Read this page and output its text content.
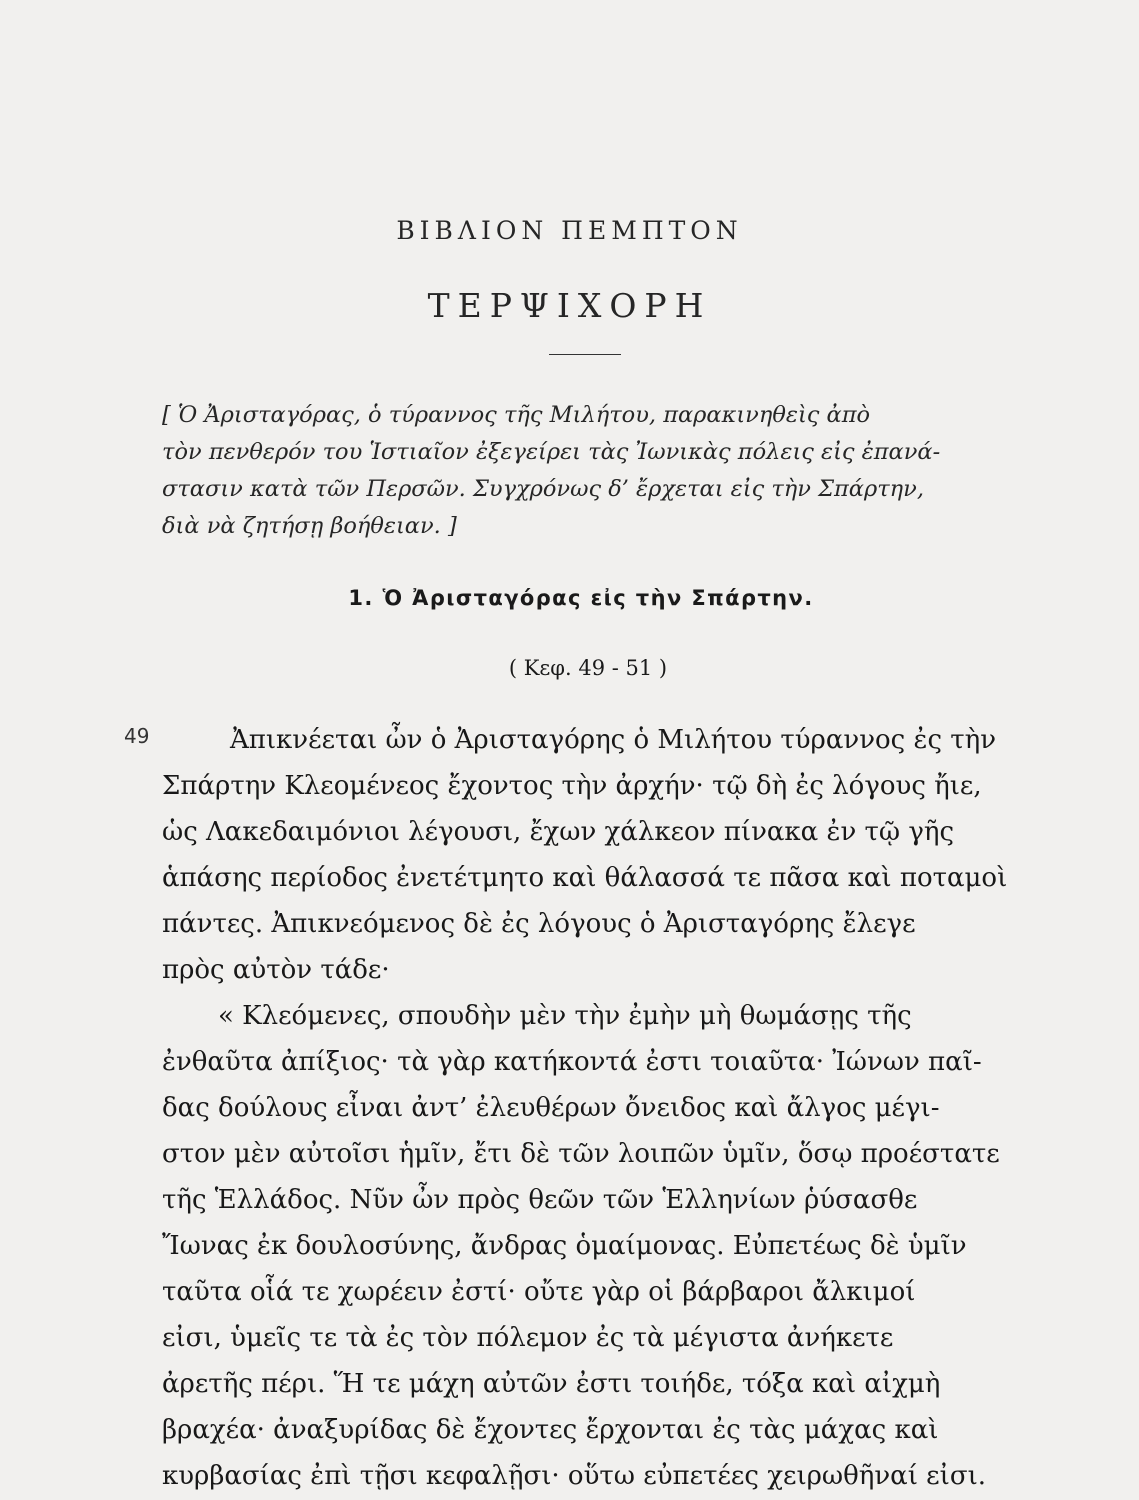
ΒΙΒΛΙΟΝ ΠΕΜΠΤΟΝ
ΤΕΡΨΙΧΟΡΗ
[ Ὁ Ἀρισταγόρας, ὁ τύραννος τῆς Μιλήτου, παρακινηθεὶς ἀπὸ
τὸν πενθερόν του Ἱστιαῖον ἐξεγείρει τὰς Ἰωνικὰς πόλεις εἰς ἐπανά-
στασιν κατὰ τῶν Περσῶν. Συγχρόνως δ’ ἔρχεται εἰς τὴν Σπάρτην,
διὰ νὰ ζητήσῃ βοήθειαν. ]
1. Ὁ Ἀρισταγόρας εἰς τὴν Σπάρτην.
( Κεφ. 49 - 51 )
49	Ἀπικνέεται ὦν ὁ Ἀρισταγόρης ὁ Μιλήτου τύραννος ἐς τὴν
Σπάρτην Κλεομένεος ἔχοντος τὴν ἀρχήν· τῷ δὴ ἐς λόγους ἤιε,
ὡς Λακεδαιμόνιοι λέγουσι, ἔχων χάλκεον πίνακα ἐν τῷ γῆς
ἁπάσης περίοδος ἐνετέτμητο καὶ θάλασσά τε πᾶσα καὶ ποταμοὶ
πάντες. Ἀπικνεόμενος δὲ ἐς λόγους ὁ Ἀρισταγόρης ἔλεγε
πρὸς αὐτὸν τάδε·
« Κλεόμενες, σπουδὴν μὲν τὴν ἐμὴν μὴ θωμάσῃς τῆς
ἐνθαῦτα ἀπίξιος· τὰ γὰρ κατήκοντά ἐστι τοιαῦτα· Ἰώνων παῖ-
δας δούλους εἶναι ἀντ’ ἐλευθέρων ὄνειδος καὶ ἄλγος μέγι-
στον μὲν αὐτοῖσι ἡμῖν, ἔτι δὲ τῶν λοιπῶν ὑμῖν, ὅσῳ προέστατε
τῆς Ἑλλάδος. Νῦν ὦν πρὸς θεῶν τῶν Ἑλληνίων ῥύσασθε
Ἴωνας ἐκ δουλοσύνης, ἄνδρας ὁμαίμονας. Εὐπετέως δὲ ὑμῖν
ταῦτα οἷά τε χωρέειν ἐστί· οὔτε γὰρ οἱ βάρβαροι ἄλκιμοί
εἰσι, ὑμεῖς τε τὰ ἐς τὸν πόλεμον ἐς τὰ μέγιστα ἀνήκετε
ἀρετῆς πέρι. Ἥ τε μάχη αὐτῶν ἐστι τοιήδε, τόξα καὶ αἰχμὴ
βραχέα· ἀναξυρίδας δὲ ἔχοντες ἔρχονται ἐς τὰς μάχας καὶ
κυρβασίας ἐπὶ τῇσι κεφαλῇσι· οὕτω εὐπετέες χειρωθῆναί εἰσι.
